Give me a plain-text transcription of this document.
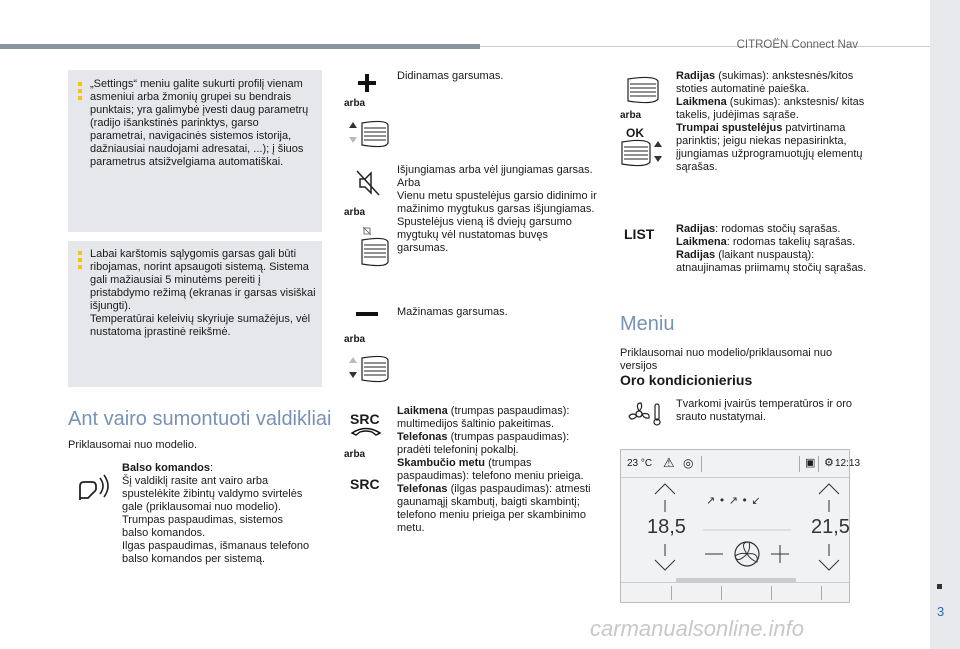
CITROËN Connect Nav
3
„Settings“ meniu galite sukurti profilį vienam asmeniui arba žmonių grupei su bendrais punktais; yra galimybė įvesti daug parametrų (radijo išankstinės parinktys, garso parametrai, navigacinės sistemos istorija, dažniausiai naudojami adresatai, ...); į šiuos parametrus atsižvelgiama automatiškai.
Labai karštomis sąlygomis garsas gali būti ribojamas, norint apsaugoti sistemą. Sistema gali mažiausiai 5 minutėms pereiti į pristabdymo režimą (ekranas ir garsas visiškai išjungti).
Temperatūrai keleivių skyriuje sumažėjus, vėl nustatoma įprastinė reikšmė.
Ant vairo sumontuoti valdikliai
Priklausomai nuo modelio.
Balso komandos:
Šį valdiklį rasite ant vairo arba spustelėkite žibintų valdymo svirtelės gale (priklausomai nuo modelio).
Trumpas paspaudimas, sistemos balso komandos.
Ilgas paspaudimas, išmanaus telefono balso komandos per sistemą.
arba
Didinamas garsumas.
arba
Išjungiamas arba vėl įjungiamas garsas.
Arba
Vienu metu spustelėjus garsio didinimo ir mažinimo mygtukus garsas išjungiamas.
Spustelėjus vieną iš dviejų garsumo mygtukų vėl nustatomas buvęs garsumas.
arba
Mažinamas garsumas.
SRC
arba
SRC
Laikmena (trumpas paspaudimas): multimedijos šaltinio pakeitimas.
Telefonas (trumpas paspaudimas): pradėti telefoninį pokalbį.
Skambučio metu (trumpas paspaudimas): telefono meniu prieiga.
Telefonas (ilgas paspaudimas): atmesti gaunamąjį skambutį, baigti skambintį; telefono meniu prieiga per skambinimo metu.
arba
OK
Radijas (sukimas): ankstesnės/kitos stoties automatinė paieška.
Laikmena (sukimas): ankstesnis/ kitas takelis, judėjimas sąraše.
Trumpai spustelėjus patvirtinama parinktis; jeigu niekas nepasirinkta, įjungiamas užprogramuotųjų elementų sąrašas.
LIST Radijas: rodomas stočių sąrašas.
Laikmena: rodomas takelių sąrašas.
Radijas (laikant nuspaustą): atnaujinamas priimamų stočių sąrašas.
Meniu
Priklausomai nuo modelio/priklausomai nuo versijos
Oro kondicionierius
Tvarkomi įvairūs temperatūros ir oro srauto nustatymai.
23 °C ⚠ ◎	▣ ⚙ 12:13
↗ • ↗ • ↙
18,5	21,5
carmanualsonline.info
